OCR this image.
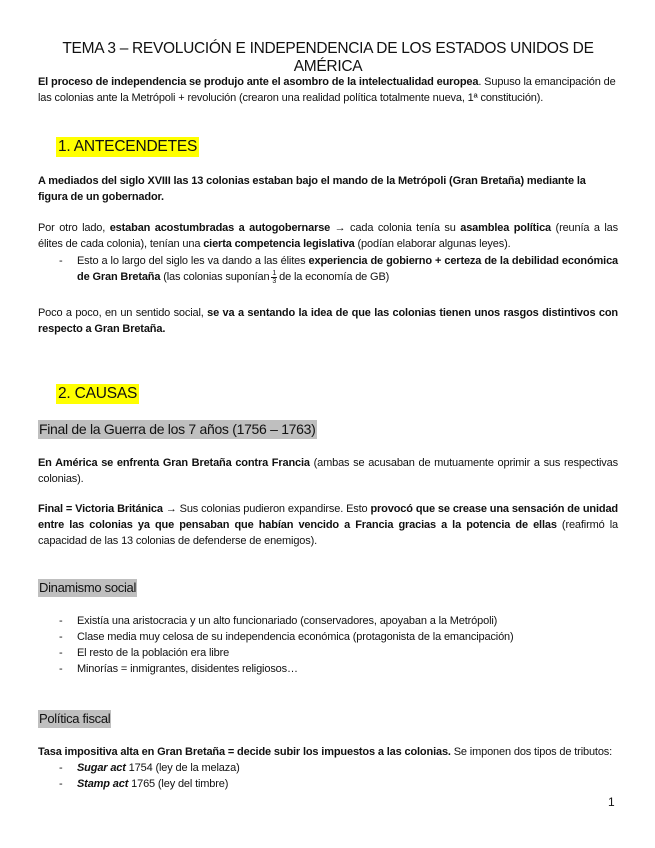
TEMA 3 – REVOLUCIÓN E INDEPENDENCIA DE LOS ESTADOS UNIDOS DE AMÉRICA

El proceso de independencia se produjo ante el asombro de la intelectualidad europea. Supuso la emancipación de las colonias ante la Metrópoli + revolución (crearon una realidad política totalmente nueva, 1ª constitución).

1. ANTECENDETES

A mediados del siglo XVIII las 13 colonias estaban bajo el mando de la Metrópoli (Gran Bretaña) mediante la figura de un gobernador.

Por otro lado, estaban acostumbradas a autogobernarse → cada colonia tenía su asamblea política (reunía a las élites de cada colonia), tenían una cierta competencia legislativa (podían elaborar algunas leyes).

- Esto a lo largo del siglo les va dando a las élites experiencia de gobierno + certeza de la debilidad económica de Gran Bretaña (las colonias suponían $\frac{1}{3}$ de la economía de GB)

Poco a poco, en un sentido social, se va a sentando la idea de que las colonias tienen unos rasgos distintivos con respecto a Gran Bretaña.

2. CAUSAS
Final de la Guerra de los 7 años (1756 – 1763)

En América se enfrenta Gran Bretaña contra Francia (ambas se acusaban de mutuamente oprimir a sus respectivas colonias).

Final = Victoria Británica → Sus colonias pudieron expandirse. Esto provocó que se crease una sensación de unidad entre las colonias ya que pensaban que habían vencido a Francia gracias a la potencia de ellas (reafirmó la capacidad de las 13 colonias de defenderse de enemigos).

Dinamismo social
- Existía una aristocracia y un alto funcionariado (conservadores, apoyaban a la Metrópoli)
- Clase media muy celosa de su independencia económica (protagonista de la emancipación)
- El resto de la población era libre
- Minorías = inmigrantes, disidentes religiosos…
Política fiscal

Tasa impositiva alta en Gran Bretaña = decide subir los impuestos a las colonias. Se imponen dos tipos de tributos:

- Sugar act 1754 (ley de la melaza)
- Stamp act 1765 (ley del timbre)
1
